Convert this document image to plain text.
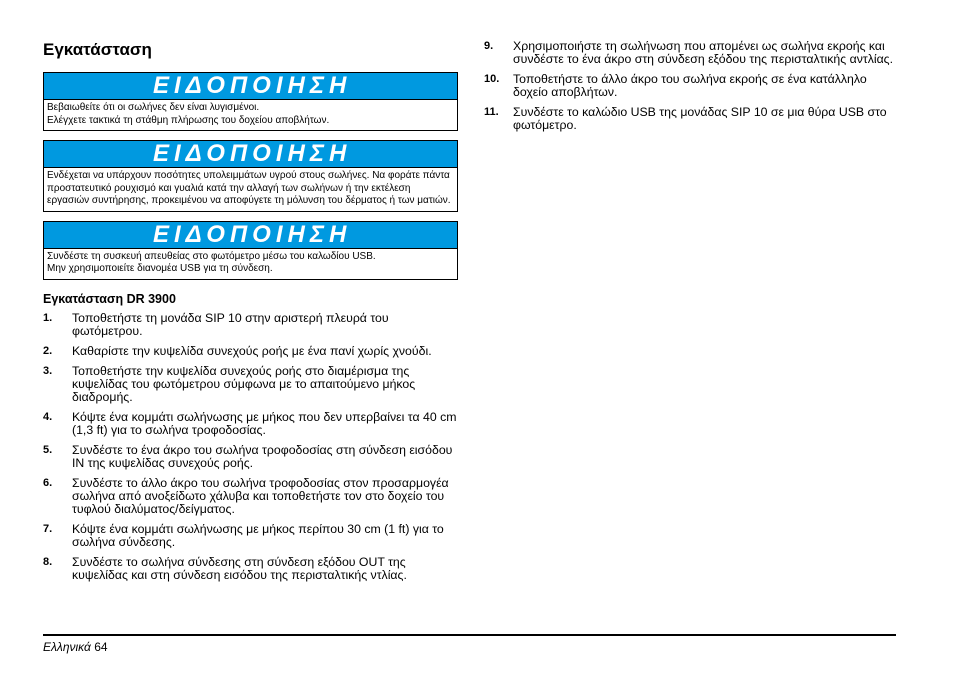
Εγκατάσταση
ΕΙΔΟΠΟΙΗΣΗ
Βεβαιωθείτε ότι οι σωλήνες δεν είναι λυγισμένοι.
Ελέγχετε τακτικά τη στάθμη πλήρωσης του δοχείου αποβλήτων.
ΕΙΔΟΠΟΙΗΣΗ
Ενδέχεται να υπάρχουν ποσότητες υπολειμμάτων υγρού στους σωλήνες. Να φοράτε πάντα προστατευτικό ρουχισμό και γυαλιά κατά την αλλαγή των σωλήνων ή την εκτέλεση εργασιών συντήρησης, προκειμένου να αποφύγετε τη μόλυνση του δέρματος ή των ματιών.
ΕΙΔΟΠΟΙΗΣΗ
Συνδέστε τη συσκευή απευθείας στο φωτόμετρο μέσω του καλωδίου USB.
Μην χρησιμοποιείτε διανομέα USB για τη σύνδεση.
Εγκατάσταση DR 3900
1.	Τοποθετήστε τη μονάδα SIP 10 στην αριστερή πλευρά του φωτόμετρου.
2.	Καθαρίστε την κυψελίδα συνεχούς ροής με ένα πανί χωρίς χνούδι.
3.	Τοποθετήστε την κυψελίδα συνεχούς ροής στο διαμέρισμα της κυψελίδας του φωτόμετρου σύμφωνα με το απαιτούμενο μήκος διαδρομής.
4.	Κόψτε ένα κομμάτι σωλήνωσης με μήκος που δεν υπερβαίνει τα 40 cm (1,3 ft) για το σωλήνα τροφοδοσίας.
5.	Συνδέστε το ένα άκρο του σωλήνα τροφοδοσίας στη σύνδεση εισόδου IN της κυψελίδας συνεχούς ροής.
6.	Συνδέστε το άλλο άκρο του σωλήνα τροφοδοσίας στον προσαρμογέα σωλήνα από ανοξείδωτο χάλυβα και τοποθετήστε τον στο δοχείο του τυφλού διαλύματος/δείγματος.
7.	Κόψτε ένα κομμάτι σωλήνωσης με μήκος περίπου 30 cm (1 ft) για το σωλήνα σύνδεσης.
8.	Συνδέστε το σωλήνα σύνδεσης στη σύνδεση εξόδου OUT της κυψελίδας και στη σύνδεση εισόδου της περισταλτικής ντλίας.
9.	Χρησιμοποιήστε τη σωλήνωση που απομένει ως σωλήνα εκροής και συνδέστε το ένα άκρο στη σύνδεση εξόδου της περισταλτικής αντλίας.
10.	Τοποθετήστε το άλλο άκρο του σωλήνα εκροής σε ένα κατάλληλο δοχείο αποβλήτων.
11.	Συνδέστε το καλώδιο USB της μονάδας SIP 10 σε μια θύρα USB στο φωτόμετρο.
Ελληνικά 64
